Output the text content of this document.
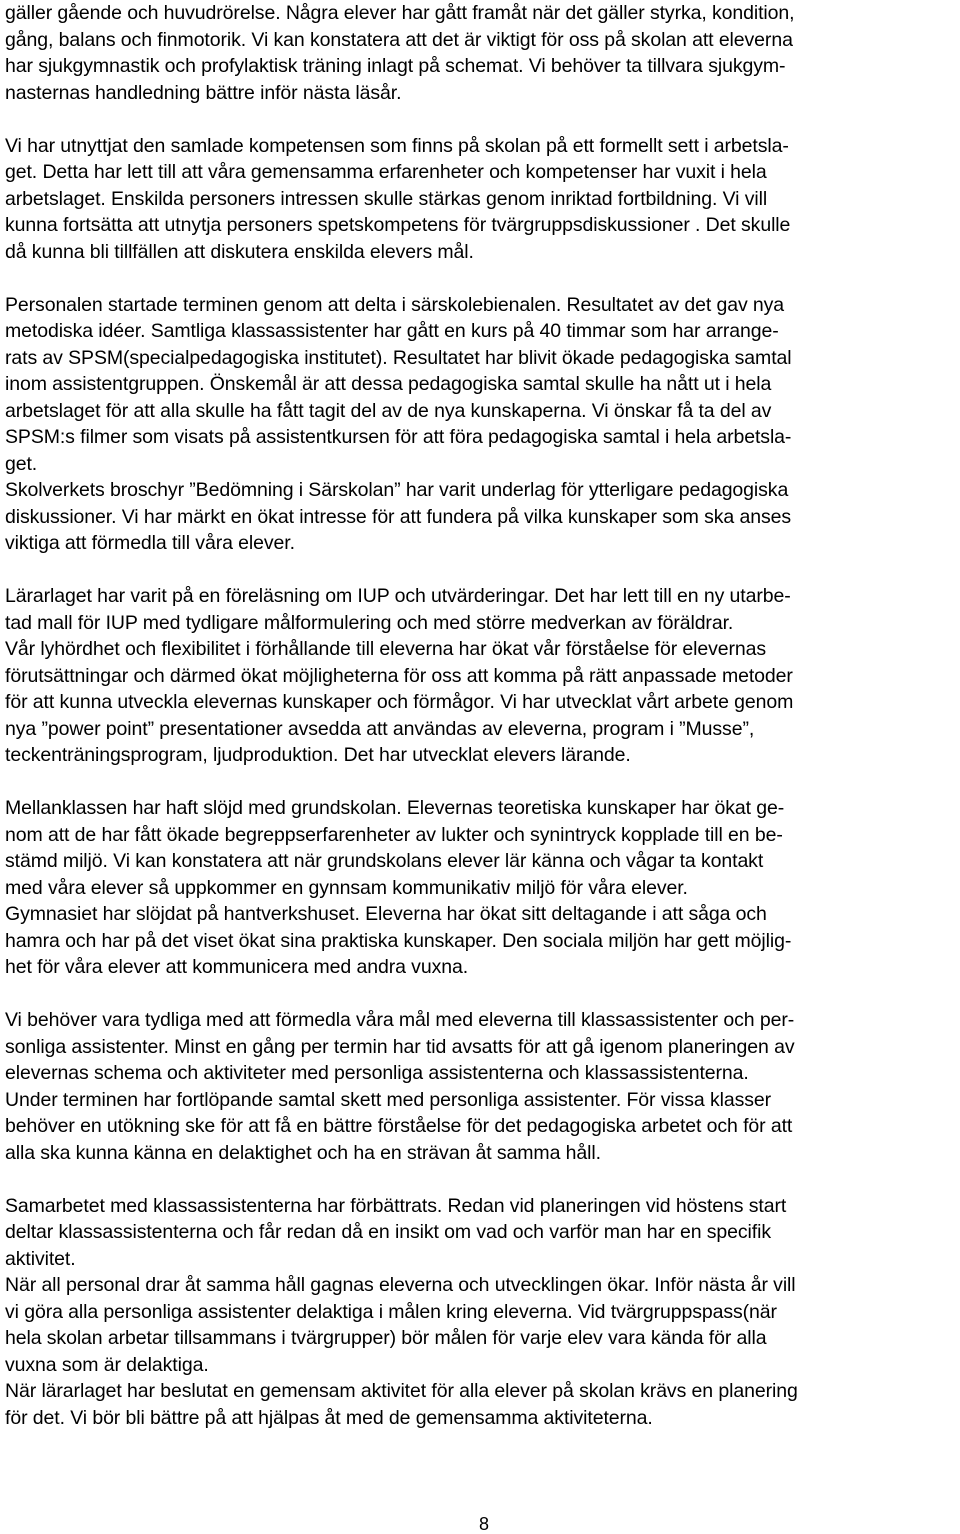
gäller gående och huvudrörelse. Några elever har gått framåt när det gäller styrka, kondition,
gång, balans och finmotorik. Vi kan konstatera att det är viktigt för oss på skolan att eleverna
har sjukgymnastik och profylaktisk träning inlagt på schemat. Vi behöver ta tillvara sjukgym-
nasternas handledning bättre inför nästa läsår.

Vi har utnyttjat den samlade kompetensen som finns på skolan på ett formellt sett i arbetsla-
get. Detta har lett till att våra gemensamma erfarenheter och kompetenser har vuxit i hela
arbetslaget. Enskilda personers intressen skulle stärkas genom inriktad fortbildning. Vi vill
kunna fortsätta att utnytja personers spetskompetens för tvärgruppsdiskussioner . Det skulle
då kunna bli tillfällen att diskutera enskilda elevers mål.

Personalen startade terminen genom att delta i särskolebienalen. Resultatet av det gav nya
metodiska idéer. Samtliga klassassistenter har gått en kurs på 40 timmar som har arrange-
rats av SPSM(specialpedagogiska institutet). Resultatet har blivit ökade pedagogiska samtal
inom assistentgruppen. Önskemål är att dessa pedagogiska samtal skulle ha nått ut i hela
arbetslaget för att alla skulle ha fått tagit del av de nya kunskaperna. Vi önskar få ta del av
SPSM:s filmer som visats på assistentkursen för att föra pedagogiska samtal i hela arbetsla-
get.

Skolverkets broschyr ”Bedömning i Särskolan” har varit underlag för ytterligare pedagogiska
diskussioner. Vi har märkt en ökat intresse för att fundera på vilka kunskaper som ska anses
viktiga att förmedla till våra elever.

Lärarlaget har varit på en föreläsning om IUP och utvärderingar. Det har lett till en ny utarbe-
tad mall för IUP med tydligare målformulering och med större medverkan av föräldrar.

Vår lyhördhet och flexibilitet i förhållande till eleverna har ökat vår förståelse för elevernas
förutsättningar och därmed ökat möjligheterna för oss att komma på rätt anpassade metoder
för att kunna utveckla elevernas kunskaper och förmågor. Vi har utvecklat vårt arbete genom
nya ”power point” presentationer avsedda att användas av eleverna, program i ”Musse”,
teckenträningsprogram, ljudproduktion. Det har utvecklat elevers lärande.

Mellanklassen har haft slöjd med grundskolan. Elevernas teoretiska kunskaper har ökat ge-
nom att de har fått ökade begreppserfarenheter av lukter och synintryck kopplade till en be-
stämd miljö. Vi kan konstatera att när grundskolans elever lär känna och vågar ta kontakt
med våra elever så uppkommer en gynnsam kommunikativ miljö för våra elever.

Gymnasiet har slöjdat på hantverkshuset. Eleverna har ökat sitt deltagande i att såga och
hamra och har på det viset ökat sina praktiska kunskaper. Den sociala miljön har gett möjlig-
het för våra elever att kommunicera med andra vuxna.

Vi behöver vara tydliga med att förmedla våra mål med eleverna till klassassistenter och per-
sonliga assistenter. Minst en gång per termin har tid avsatts för att gå igenom planeringen av
elevernas schema och aktiviteter med personliga assistenterna och klassassistenterna.

Under terminen har fortlöpande samtal skett med personliga assistenter. För vissa klasser
behöver en utökning ske för att få en bättre förståelse för det pedagogiska arbetet och för att
alla ska kunna känna en delaktighet och ha en strävan åt samma håll.

Samarbetet med klassassistenterna har förbättrats. Redan vid planeringen vid höstens start
deltar klassassistenterna och får redan då en insikt om vad och varför man har en specifik
aktivitet.

När all personal drar åt samma håll gagnas eleverna och utvecklingen ökar. Inför nästa år vill
vi göra alla personliga assistenter delaktiga i målen kring eleverna. Vid tvärgruppspass(när
hela skolan arbetar tillsammans i tvärgrupper) bör målen för varje elev vara kända för alla
vuxna som är delaktiga.

När lärarlaget har beslutat en gemensam aktivitet för alla elever på skolan krävs en planering
för det. Vi bör bli bättre på att hjälpas åt med de gemensamma aktiviteterna.

8
